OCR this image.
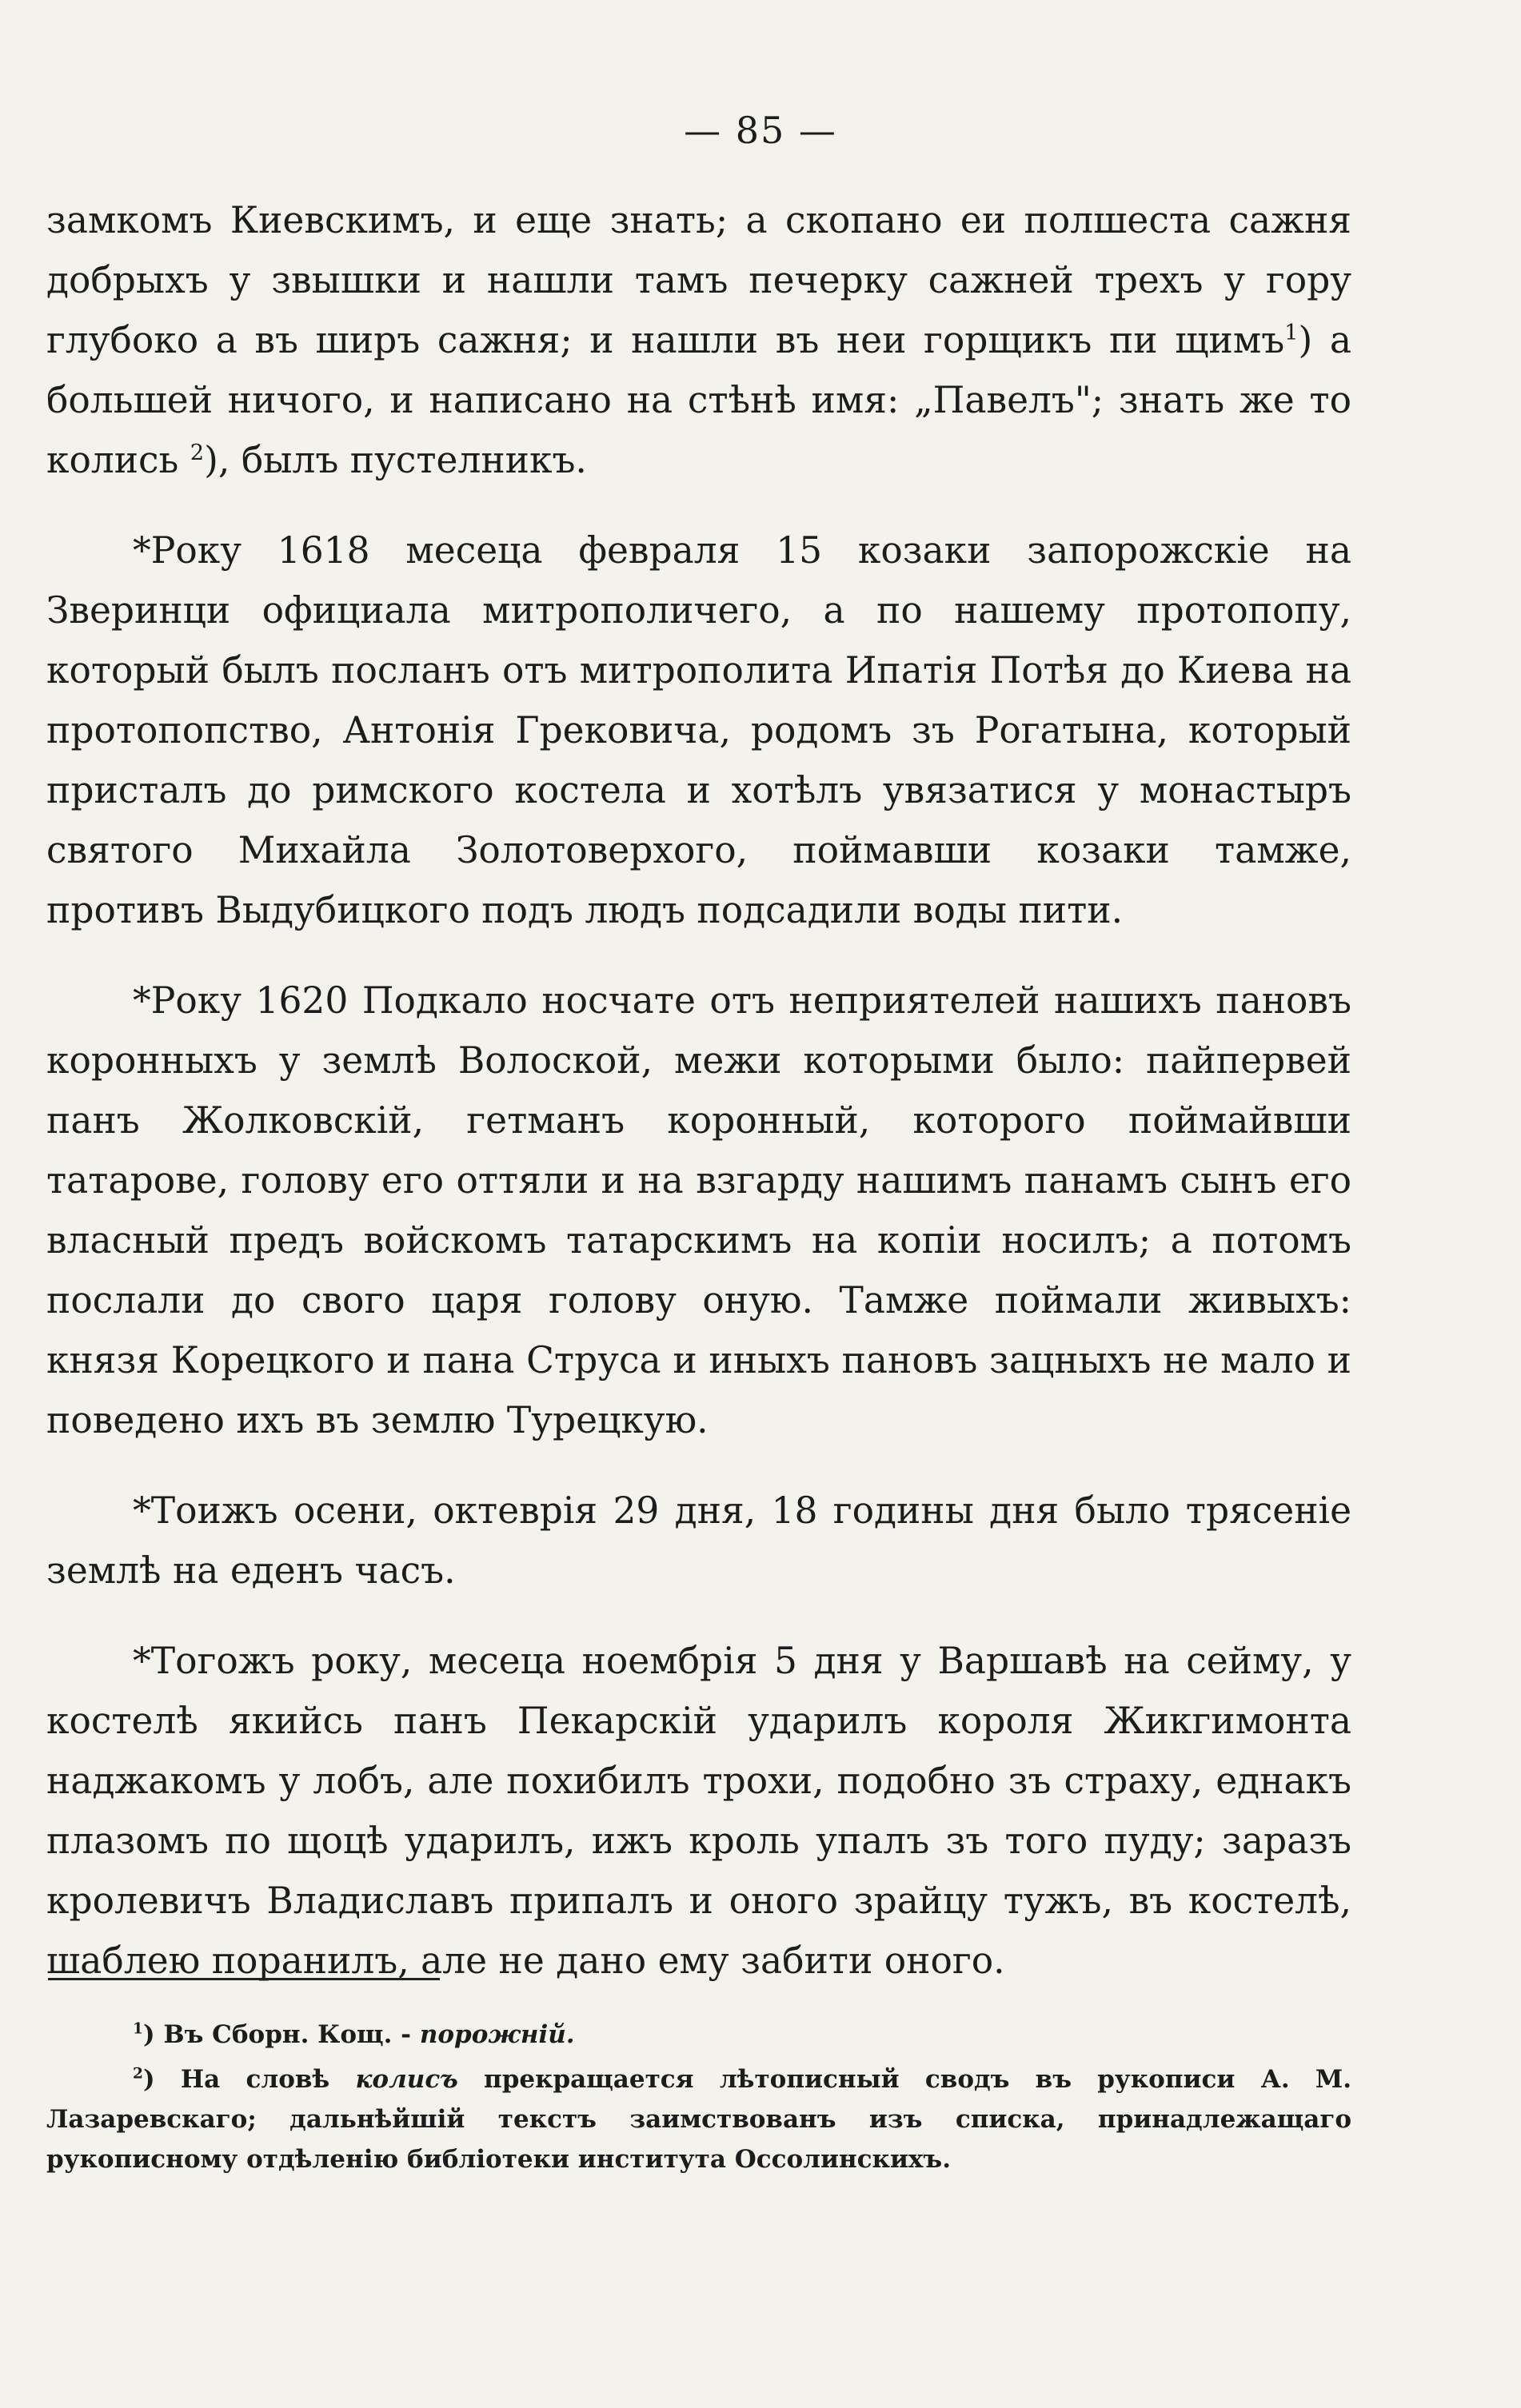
— 85 —

замкомъ Киевскимъ, и еще знать; а скопано еи полшеста сажня добрыхъ у звышки и нашли тамъ печерку сажней трехъ у гору глубоко а въ ширъ сажня; и нашли въ неи горщикъ пи щимъ$^1$) а большей ничого, и написано на стѣнѣ имя: „Павелъ"; знать же то колись $^2$), былъ пустелникъ.

*Року 1618 месеца февраля 15 козаки запорожскіе на Зверинци официала митрополичего, а по нашему протопопу, который былъ посланъ отъ митрополита Ипатія Потѣя до Киева на протопопство, Антонія Грековича, родомъ зъ Рогатына, который присталъ до римского костела и хотѣлъ увязатися у монастыръ святого Михайла Золотоверхого, поймавши козаки тамже, противъ Выдубицкого подъ людъ подсадили воды пити.

*Року 1620 Подкало носчате отъ неприятелей нашихъ пановъ коронныхъ у землѣ Волоской, межи которыми было: пайпервей панъ Жолковскій, гетманъ коронный, которого поймайвши татарове, голову его оттяли и на взгарду нашимъ панамъ сынъ его власный предъ войскомъ татарскимъ на копіи носилъ; а потомъ послали до свого царя голову оную. Тамже поймали живыхъ: князя Корецкого и пана Струса и иныхъ пановъ зацныхъ не мало и поведено ихъ въ землю Турецкую.

*Тоижъ осени, октеврія 29 дня, 18 годины дня было трясеніе землѣ на еденъ часъ.

*Тогожъ року, месеца ноембрія 5 дня у Варшавѣ на сейму, у костелѣ якийсь панъ Пекарскій ударилъ короля Жикгимонта наджакомъ у лобъ, але похибилъ трохи, подобно зъ страху, еднакъ плазомъ по щоцѣ ударилъ, ижъ кроль упалъ зъ того пуду; заразъ кролевичъ Владиславъ припалъ и оного зрайцу тужъ, въ костелѣ, шаблею поранилъ, але не дано ему забити оного.

$^1$) Въ Сборн. Кощ. - порожній.

$^2$) На словѣ колисъ прекращается лѣтописный сводъ въ рукописи А. М. Лазаревскаго; дальнѣйшій текстъ заимствованъ изъ списка, принадлежащаго рукописному отдѣленію библіотеки института Оссолинскихъ.
